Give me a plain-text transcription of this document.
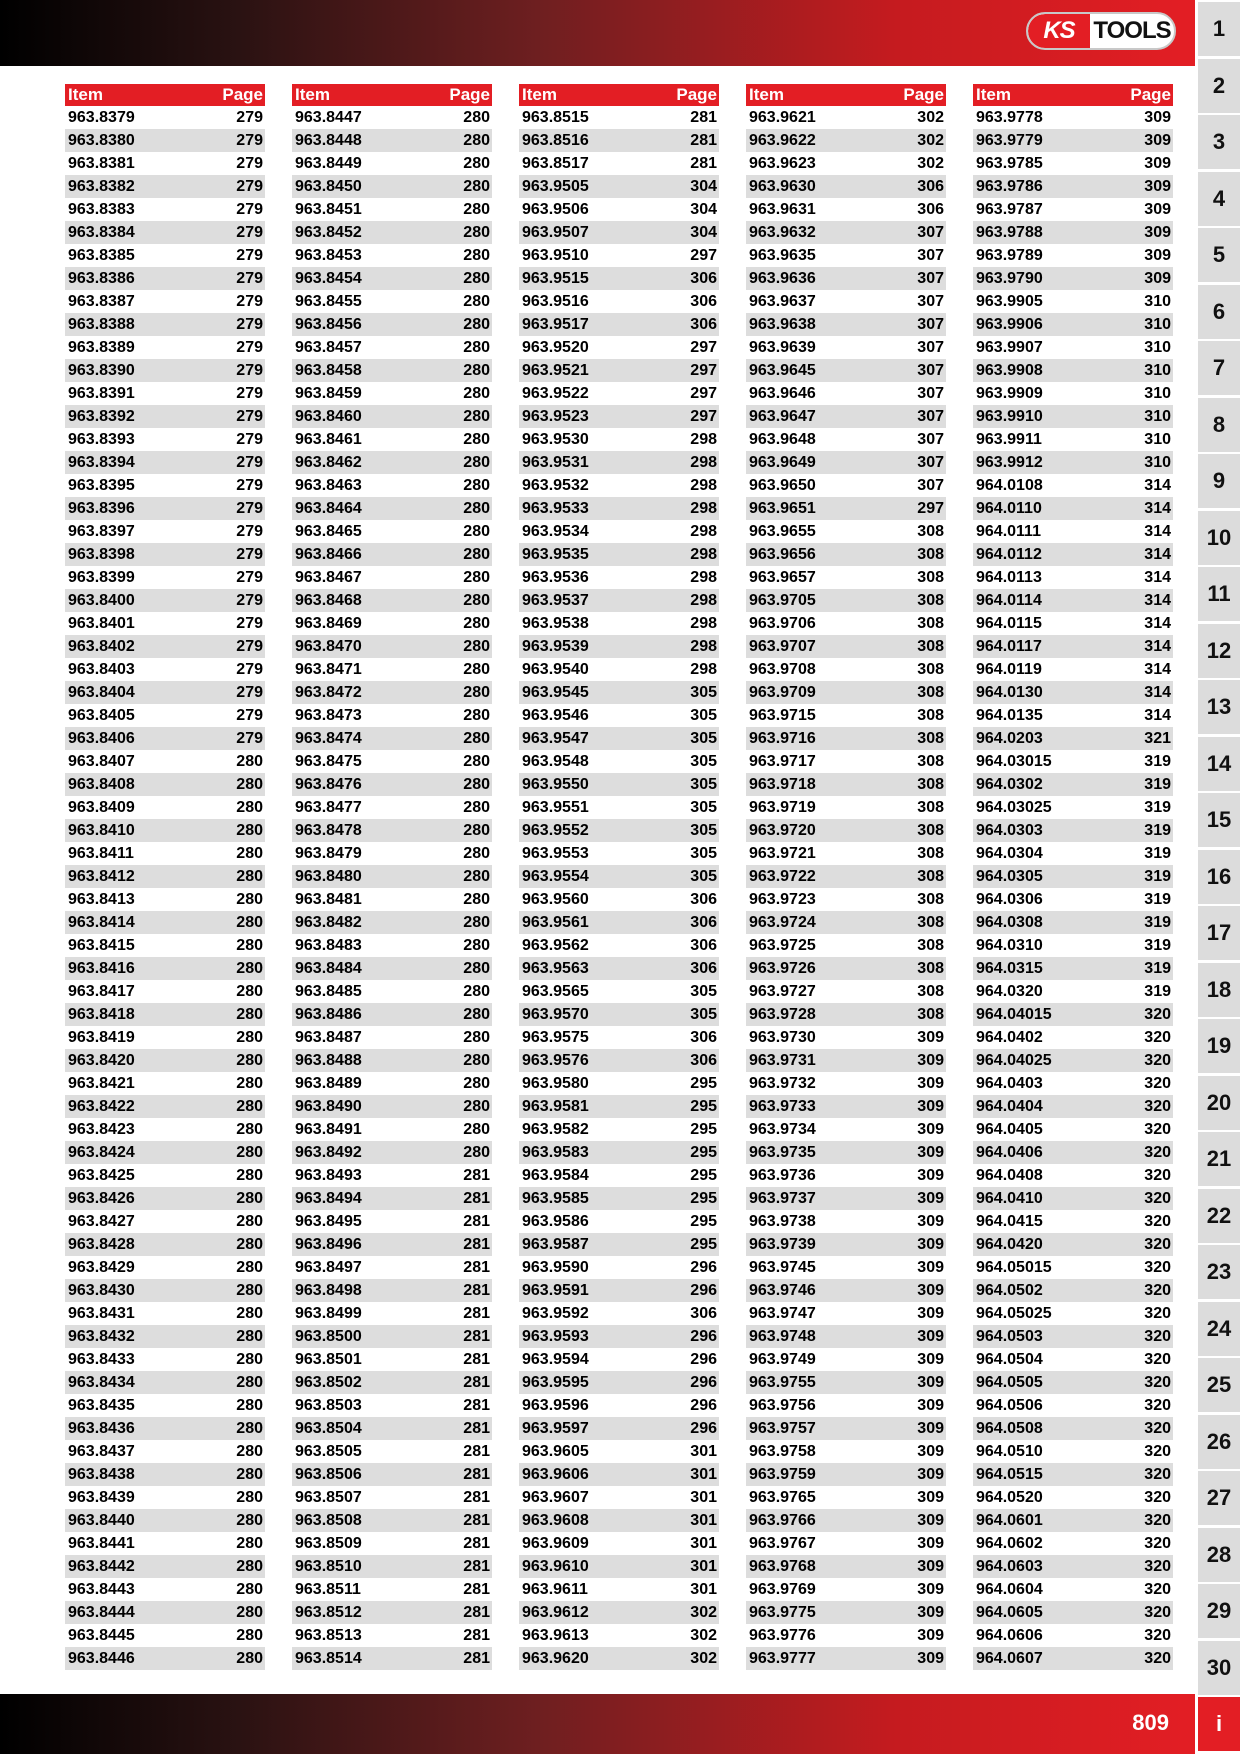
KS TOOLS	1
2
3
4
5
6
7
8
9
10
11
12
13
14
15
16
17
18
19
20
21
22
23
24
25
26
27
28
29
30
i
Item	Page
963.8379	279
963.8380	279
963.8381	279
963.8382	279
963.8383	279
963.8384	279
963.8385	279
963.8386	279
963.8387	279
963.8388	279
963.8389	279
963.8390	279
963.8391	279
963.8392	279
963.8393	279
963.8394	279
963.8395	279
963.8396	279
963.8397	279
963.8398	279
963.8399	279
963.8400	279
963.8401	279
963.8402	279
963.8403	279
963.8404	279
963.8405	279
963.8406	279
963.8407	280
963.8408	280
963.8409	280
963.8410	280
963.8411	280
963.8412	280
963.8413	280
963.8414	280
963.8415	280
963.8416	280
963.8417	280
963.8418	280
963.8419	280
963.8420	280
963.8421	280
963.8422	280
963.8423	280
963.8424	280
963.8425	280
963.8426	280
963.8427	280
963.8428	280
963.8429	280
963.8430	280
963.8431	280
963.8432	280
963.8433	280
963.8434	280
963.8435	280
963.8436	280
963.8437	280
963.8438	280
963.8439	280
963.8440	280
963.8441	280
963.8442	280
963.8443	280
963.8444	280
963.8445	280
963.8446	280
Item	Page
963.8447	280
963.8448	280
963.8449	280
963.8450	280
963.8451	280
963.8452	280
963.8453	280
963.8454	280
963.8455	280
963.8456	280
963.8457	280
963.8458	280
963.8459	280
963.8460	280
963.8461	280
963.8462	280
963.8463	280
963.8464	280
963.8465	280
963.8466	280
963.8467	280
963.8468	280
963.8469	280
963.8470	280
963.8471	280
963.8472	280
963.8473	280
963.8474	280
963.8475	280
963.8476	280
963.8477	280
963.8478	280
963.8479	280
963.8480	280
963.8481	280
963.8482	280
963.8483	280
963.8484	280
963.8485	280
963.8486	280
963.8487	280
963.8488	280
963.8489	280
963.8490	280
963.8491	280
963.8492	280
963.8493	281
963.8494	281
963.8495	281
963.8496	281
963.8497	281
963.8498	281
963.8499	281
963.8500	281
963.8501	281
963.8502	281
963.8503	281
963.8504	281
963.8505	281
963.8506	281
963.8507	281
963.8508	281
963.8509	281
963.8510	281
963.8511	281
963.8512	281
963.8513	281
963.8514	281
Item	Page
963.8515	281
963.8516	281
963.8517	281
963.9505	304
963.9506	304
963.9507	304
963.9510	297
963.9515	306
963.9516	306
963.9517	306
963.9520	297
963.9521	297
963.9522	297
963.9523	297
963.9530	298
963.9531	298
963.9532	298
963.9533	298
963.9534	298
963.9535	298
963.9536	298
963.9537	298
963.9538	298
963.9539	298
963.9540	298
963.9545	305
963.9546	305
963.9547	305
963.9548	305
963.9550	305
963.9551	305
963.9552	305
963.9553	305
963.9554	305
963.9560	306
963.9561	306
963.9562	306
963.9563	306
963.9565	305
963.9570	305
963.9575	306
963.9576	306
963.9580	295
963.9581	295
963.9582	295
963.9583	295
963.9584	295
963.9585	295
963.9586	295
963.9587	295
963.9590	296
963.9591	296
963.9592	306
963.9593	296
963.9594	296
963.9595	296
963.9596	296
963.9597	296
963.9605	301
963.9606	301
963.9607	301
963.9608	301
963.9609	301
963.9610	301
963.9611	301
963.9612	302
963.9613	302
963.9620	302
Item	Page
963.9621	302
963.9622	302
963.9623	302
963.9630	306
963.9631	306
963.9632	307
963.9635	307
963.9636	307
963.9637	307
963.9638	307
963.9639	307
963.9645	307
963.9646	307
963.9647	307
963.9648	307
963.9649	307
963.9650	307
963.9651	297
963.9655	308
963.9656	308
963.9657	308
963.9705	308
963.9706	308
963.9707	308
963.9708	308
963.9709	308
963.9715	308
963.9716	308
963.9717	308
963.9718	308
963.9719	308
963.9720	308
963.9721	308
963.9722	308
963.9723	308
963.9724	308
963.9725	308
963.9726	308
963.9727	308
963.9728	308
963.9730	309
963.9731	309
963.9732	309
963.9733	309
963.9734	309
963.9735	309
963.9736	309
963.9737	309
963.9738	309
963.9739	309
963.9745	309
963.9746	309
963.9747	309
963.9748	309
963.9749	309
963.9755	309
963.9756	309
963.9757	309
963.9758	309
963.9759	309
963.9765	309
963.9766	309
963.9767	309
963.9768	309
963.9769	309
963.9775	309
963.9776	309
963.9777	309
Item	Page
963.9778	309
963.9779	309
963.9785	309
963.9786	309
963.9787	309
963.9788	309
963.9789	309
963.9790	309
963.9905	310
963.9906	310
963.9907	310
963.9908	310
963.9909	310
963.9910	310
963.9911	310
963.9912	310
964.0108	314
964.0110	314
964.0111	314
964.0112	314
964.0113	314
964.0114	314
964.0115	314
964.0117	314
964.0119	314
964.0130	314
964.0135	314
964.0203	321
964.03015	319
964.0302	319
964.03025	319
964.0303	319
964.0304	319
964.0305	319
964.0306	319
964.0308	319
964.0310	319
964.0315	319
964.0320	319
964.04015	320
964.0402	320
964.04025	320
964.0403	320
964.0404	320
964.0405	320
964.0406	320
964.0408	320
964.0410	320
964.0415	320
964.0420	320
964.05015	320
964.0502	320
964.05025	320
964.0503	320
964.0504	320
964.0505	320
964.0506	320
964.0508	320
964.0510	320
964.0515	320
964.0520	320
964.0601	320
964.0602	320
964.0603	320
964.0604	320
964.0605	320
964.0606	320
964.0607	320
809
